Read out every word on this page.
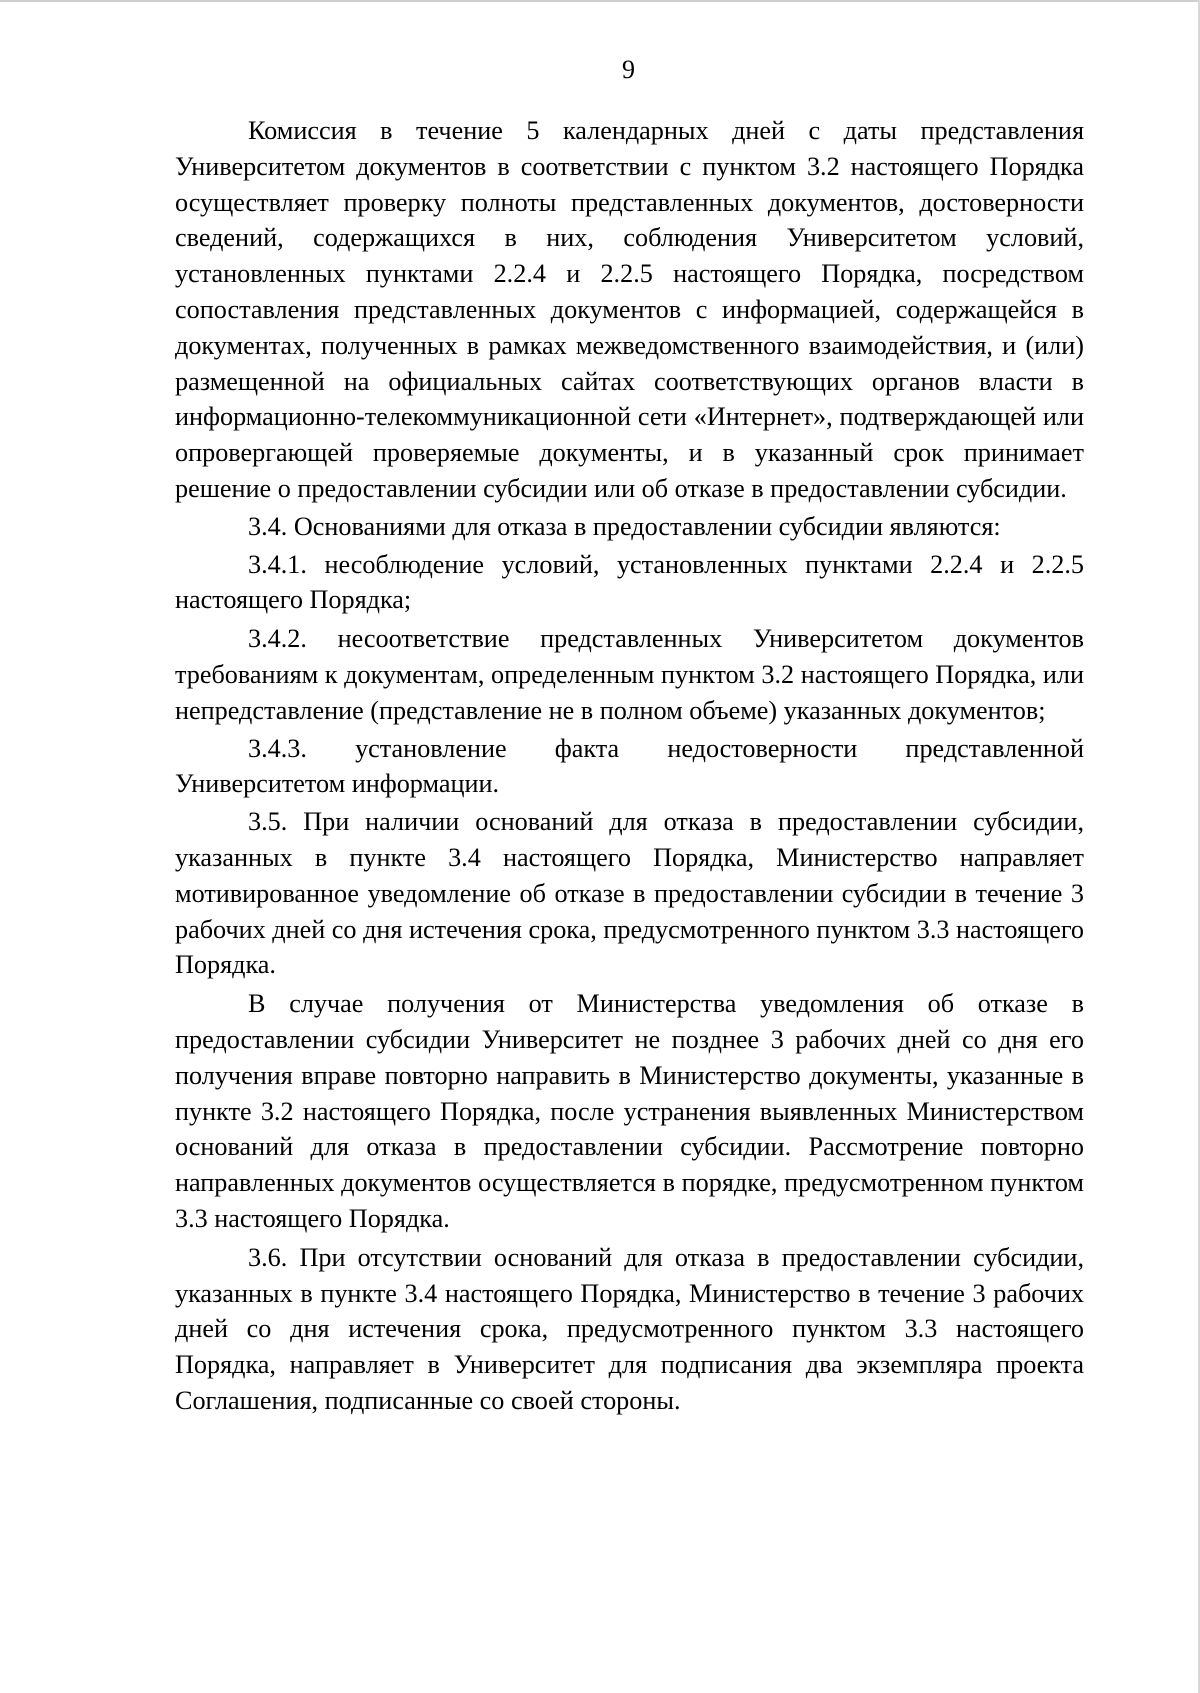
9

Комиссия в течение 5 календарных дней с даты представления Университетом документов в соответствии с пунктом 3.2 настоящего Порядка осуществляет проверку полноты представленных документов, достоверности сведений, содержащихся в них, соблюдения Университетом условий, установленных пунктами 2.2.4 и 2.2.5 настоящего Порядка, посредством сопоставления представленных документов с информацией, содержащейся в документах, полученных в рамках межведомственного взаимодействия, и (или) размещенной на официальных сайтах соответствующих органов власти в информационно-телекоммуникационной сети «Интернет», подтверждающей или опровергающей проверяемые документы, и в указанный срок принимает решение о предоставлении субсидии или об отказе в предоставлении субсидии.

3.4. Основаниями для отказа в предоставлении субсидии являются:

3.4.1. несоблюдение условий, установленных пунктами 2.2.4 и 2.2.5 настоящего Порядка;

3.4.2. несоответствие представленных Университетом документов требованиям к документам, определенным пунктом 3.2 настоящего Порядка, или непредставление (представление не в полном объеме) указанных документов;

3.4.3. установление факта недостоверности представленной Университетом информации.

3.5. При наличии оснований для отказа в предоставлении субсидии, указанных в пункте 3.4 настоящего Порядка, Министерство направляет мотивированное уведомление об отказе в предоставлении субсидии в течение 3 рабочих дней со дня истечения срока, предусмотренного пунктом 3.3 настоящего Порядка.

В случае получения от Министерства уведомления об отказе в предоставлении субсидии Университет не позднее 3 рабочих дней со дня его получения вправе повторно направить в Министерство документы, указанные в пункте 3.2 настоящего Порядка, после устранения выявленных Министерством оснований для отказа в предоставлении субсидии. Рассмотрение повторно направленных документов осуществляется в порядке, предусмотренном пунктом 3.3 настоящего Порядка.

3.6. При отсутствии оснований для отказа в предоставлении субсидии, указанных в пункте 3.4 настоящего Порядка, Министерство в течение 3 рабочих дней со дня истечения срока, предусмотренного пунктом 3.3 настоящего Порядка, направляет в Университет для подписания два экземпляра проекта Соглашения, подписанные со своей стороны.
